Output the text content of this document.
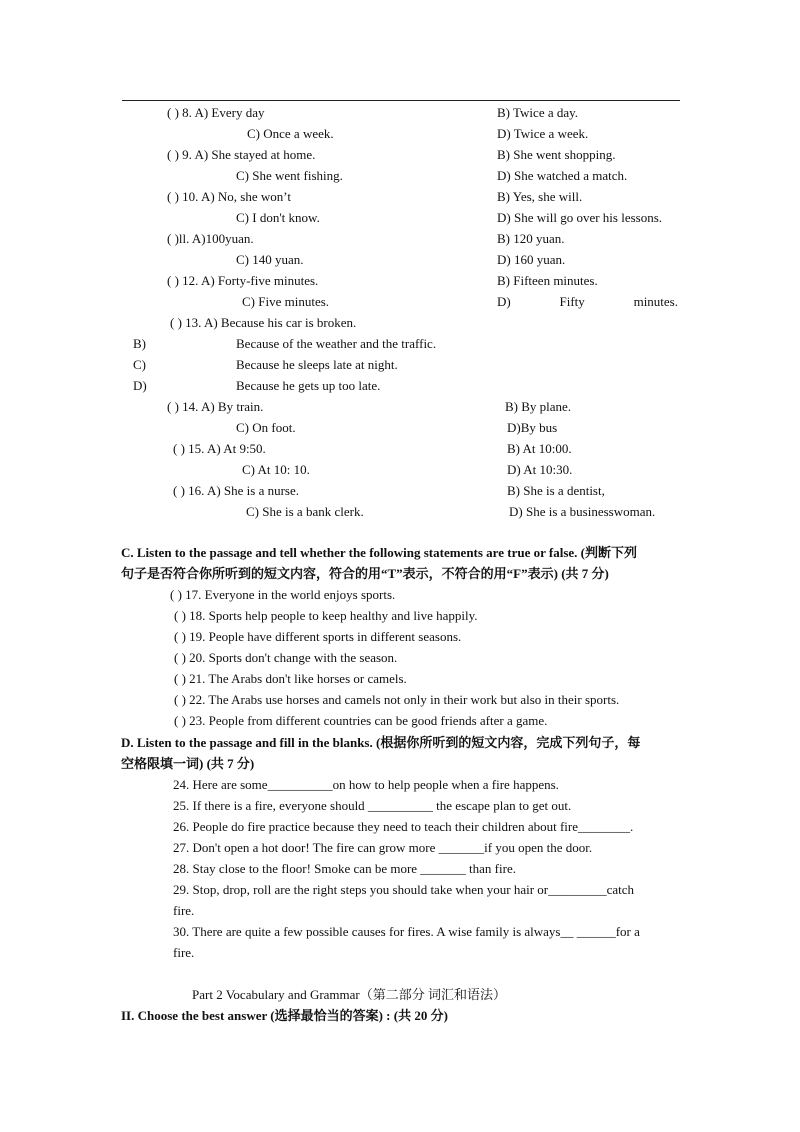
( ) 8. A) Every day	B) Twice a day.
C) Once a week.	D) Twice a week.
( ) 9. A) She stayed at home.	B) She went shopping.
C) She went fishing.	D) She watched a match.
( ) 10. A) No, she won’t	B) Yes, she will.
C) I don't know.	D) She will go over his lessons.
( )ll. A)100yuan.	B) 120 yuan.
C) 140 yuan.	D) 160 yuan.
( ) 12. A) Forty-five minutes.	B) Fifteen minutes.
C) Five minutes.	D)	Fifty	minutes.
( ) 13. A) Because his car is broken.
B)	Because of the weather and the traffic.
C)	Because he sleeps late at night.
D)	Because he gets up too late.
( ) 14. A) By train.	B) By plane.
C) On foot.	D)By bus
( ) 15. A) At 9:50.	B) At 10:00.
C) At 10: 10.	D) At 10:30.
( ) 16. A) She is a nurse.	B) She is a dentist,
C) She is a bank clerk.	D) She is a businesswoman.
C. Listen to the passage and tell whether the following statements are true or false. (判断下列
句子是否符合你所听到的短文内容，符合的用“T”表示，不符合的用“F”表示) (共 7 分)
( ) 17. Everyone in the world enjoys sports.
( ) 18. Sports help people to keep healthy and live happily.
( ) 19. People have different sports in different seasons.
( ) 20. Sports don't change with the season.
( ) 21. The Arabs don't like horses or camels.
( ) 22. The Arabs use horses and camels not only in their work but also in their sports.
( ) 23. People from different countries can be good friends after a game.
D. Listen to the passage and fill in the blanks. (根据你所听到的短文内容，完成下列句子，每
空格限填一词) (共 7 分)
24. Here are some__________on how to help people when a fire happens.
25. If there is a fire, everyone should __________ the escape plan to get out.
26. People do fire practice because they need to teach their children about fire________.
27. Don't open a hot door! The fire can grow more _______if you open the door.
28. Stay close to the floor! Smoke can be more _______ than fire.
29. Stop, drop, roll are the right steps you should take when your hair or_________catch
fire.
30. There are quite a few possible causes for fires. A wise family is always__ ______for a
fire.
Part 2 Vocabulary and Grammar（第二部分 词汇和语法）
II. Choose the best answer (选择最恰当的答案) : (共 20 分)
